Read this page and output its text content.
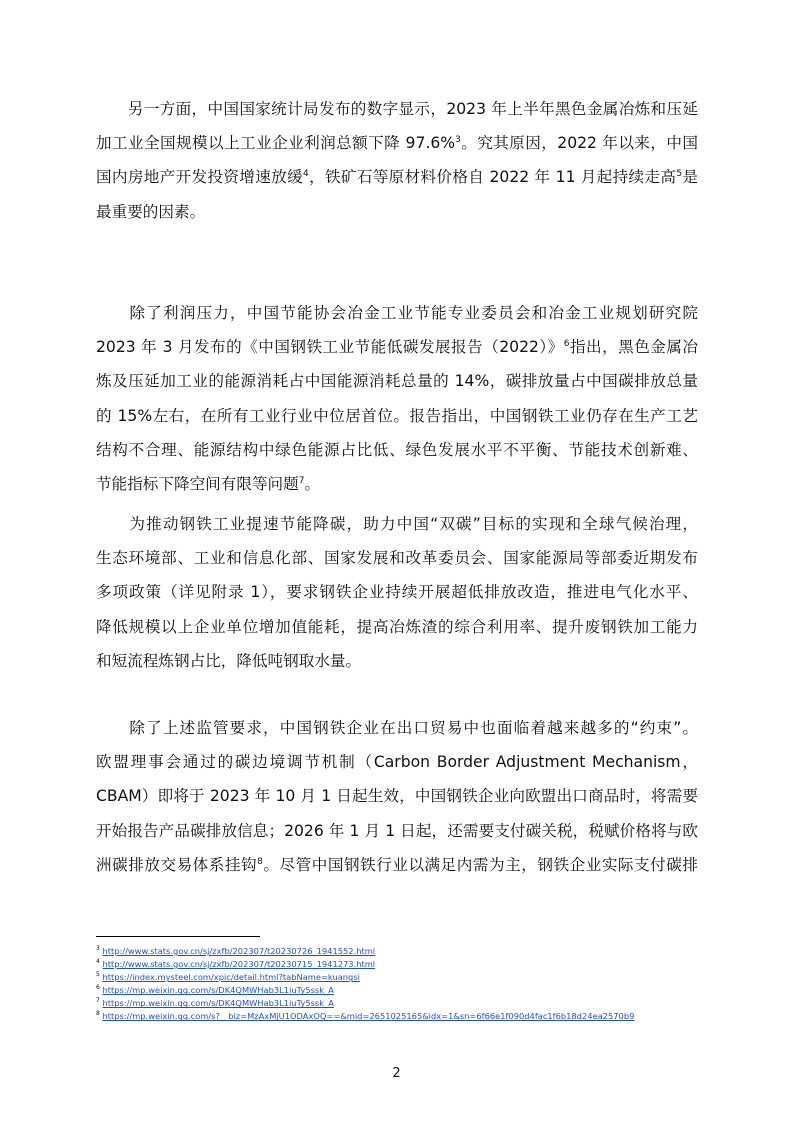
　　另一方面，中国国家统计局发布的数字显示，2023 年上半年黑色金属冶炼和压延
加工业全国规模以上工业企业利润总额下降 97.6%$^3$。究其原因，2022 年以来，中国
国内房地产开发投资增速放缓$^4$，铁矿石等原材料价格自 2022 年 11 月起持续走高$^5$是
最重要的因素。
　　除了利润压力，中国节能协会冶金工业节能专业委员会和冶金工业规划研究院
2023 年 3 月发布的《中国钢铁工业节能低碳发展报告（2022）》$^6$指出，黑色金属冶
炼及压延加工业的能源消耗占中国能源消耗总量的 14%，碳排放量占中国碳排放总量
的 15%左右，在所有工业行业中位居首位。报告指出，中国钢铁工业仍存在生产工艺
结构不合理、能源结构中绿色能源占比低、绿色发展水平不平衡、节能技术创新难、
节能指标下降空间有限等问题$^7$。
　　为推动钢铁工业提速节能降碳，助力中国“双碳”目标的实现和全球气候治理，
生态环境部、工业和信息化部、国家发展和改革委员会、国家能源局等部委近期发布
多项政策（详见附录 1），要求钢铁企业持续开展超低排放改造，推进电气化水平、
降低规模以上企业单位增加值能耗，提高冶炼渣的综合利用率、提升废钢铁加工能力
和短流程炼钢占比，降低吨钢取水量。
　　除了上述监管要求，中国钢铁企业在出口贸易中也面临着越来越多的“约束”。
欧盟理事会通过的碳边境调节机制（Carbon Border Adjustment Mechanism，
CBAM）即将于 2023 年 10 月 1 日起生效，中国钢铁企业向欧盟出口商品时，将需要
开始报告产品碳排放信息；2026 年 1 月 1 日起，还需要支付碳关税，税赋价格将与欧
洲碳排放交易体系挂钩$^8$。尽管中国钢铁行业以满足内需为主，钢铁企业实际支付碳排
$^3$ http://www.stats.gov.cn/sj/zxfb/202307/t20230726_1941552.html
$^4$ http://www.stats.gov.cn/sj/zxfb/202307/t20230715_1941273.html
$^5$ https://index.mysteel.com/xpic/detail.html?tabName=kuangsi
$^6$ https://mp.weixin.qq.com/s/DK4QMWHab3L1iuTy5ssk_A
$^7$ https://mp.weixin.qq.com/s/DK4QMWHab3L1iuTy5ssk_A
$^8$ https://mp.weixin.qq.com/s?__biz=MzAxMjU1ODAxOQ==&mid=2651025165&idx=1&sn=6f66e1f090d4fac1f6b18d24ea2570b9
2
